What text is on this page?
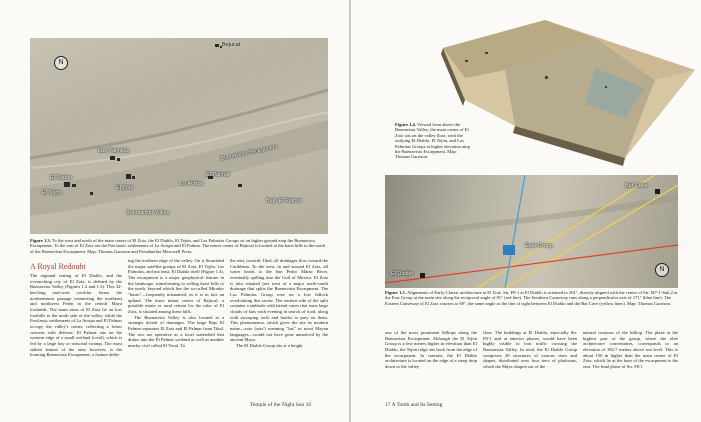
N
Bejucal
Las Palmitas
El Diablo
El Tejón
El Zotz
La Avispa
El Palmar
Buenavista Escarpment
Buenavista Valley
Bajo El Palmar
Figure 1.3. To the west and north of the main center of El Zotz, the El Diablo, El Tejón, and Las Palmitas Groups sit on higher ground atop the Buenavista Escarpment. To the east of El Zotz are the Preclassic settlements of La Avispa and El Palmar. The minor center of Bejucal is located at the karst hills to the north of the Buenavista Escarpment. Map: Thomas Garrison and Pseudanthia Mesowell Press.
A Royal Redoubt

The regional setting of El Diablo, and the overarching city of El Zotz, is defined by the Buenavista Valley (Figures 1.2 and 1.3). This 32-km-long east-west corridor forms the northernmost passage connecting the northeast and northwest Petén in the central Maya lowlands. The main ruins of El Zotz lie on low foothills to the north side of the valley, while the Preclassic settlements of La Avispa and El Palmar occupy the valley's center, reflecting a lesser concern with defense. El Palmar sits on the western edge of a small wetland (cival), which is fed by a large bay or seasonal swamp. The most salient feature of the area, however, is the looming Buenavista Escarpment, a feature defin-

ing the northern edge of the valley. On it flourished the major satellite groups of El Zotz: El Tejón, Las Palmitas, and not least, El Diablo itself (Figure 1.4). The escarpment is a major geophysical feature in the landscape, transforming to rolling karst hills to the north, beyond which lies the so-called Mirador "basin"—frequently misnamed, as it is in fact an upland. The more minor center of Bejucal, a possible estate or rural retreat for the ruler of El Zotz, is situated among these hills.

The Buenavista Valley is also located at a strategic divide of drainages. The large Bajo El Palmar separates El Zotz and El Palmar from Tikal. The two are operative as a local watershed that drains into the El Palmar wetland as well as another nearby civil called El Yesal. To

the east, towards Tikal, all drainages flow toward the Caribbean. To the west, in and around El Zotz, all water heads to the San Pedro Mártir River, eventually spilling into the Gulf of Mexico. El Zotz is also situated just west of a major north-south drainage that splits the Buenavista Escarpment. The Las Palmitas Group rose on a low hillock overlooking this sector. The eastern side of the split contains a sinkhole with lateral caves that issue large clouds of bats each evening in search of food, along with swooping owls and hawks to prey on them. This phenomenon, which gives the site its modern name—zotz (sotz') meaning "bat" in most Mayan languages—would not have gone unnoticed by the ancient Maya.

The El Diablo Group sits at a height

Temple of the Night Sun 16
Figure 1.4. Viewed from above the Buenavista Valley, the main center of El Zotz sits on the valley floor, with the outlying El Diablo, El Tejón, and Las Palmitas Groups at higher elevation atop the Buenavista Escarpment. Map: Thomas Garrison.
N
Bat Cave
East Group
El Diablo
Figure 1.5. Alignments of Early Classic architecture at El Zotz. Str. F8-1 at El Diablo is oriented to 261°, directly aligned with the center of Str. M7-1-Sub.2 at the East Group at the main site along the reciprocal angle of 81° (red line). The Southern Causeway runs along a perpendicular axis of 171° (blue line). The Eastern Causeway of El Zotz courses to 69°, the same angle as the line of sight between El Diablo and the Bat Cave (yellow lines). Map: Thomas Garrison.

one of the most prominent hilltops along the Buenavista Escarpment. Although the El Tejón Group is a few meters higher in elevation than El Diablo, the Tejón ridge sits back from the edge of the escarpment. In contrast, the El Diablo architecture is located on the edge of a steep drop down to the valley

floor. The buildings at El Diablo, especially Str. F8-1 and at anterior phases, would have been highly visible to foot traffic crossing the Buenavista Valley. In total, the El Diablo Group comprises 29 structures of various sizes and shapes, distributed over four tiers of platforms, which the Maya shaped out of the

natural contours of the hilltop. The plaza at the highest part of the group, where the elite architecture concentrates, corresponds to an elevation of 382.7 meters above sea level. This is about 150 m higher than the main center of El Zotz, which lie at the base of the escarpment to the east. The final phase of Str. F8-1

17 A Tomb and Its Setting
